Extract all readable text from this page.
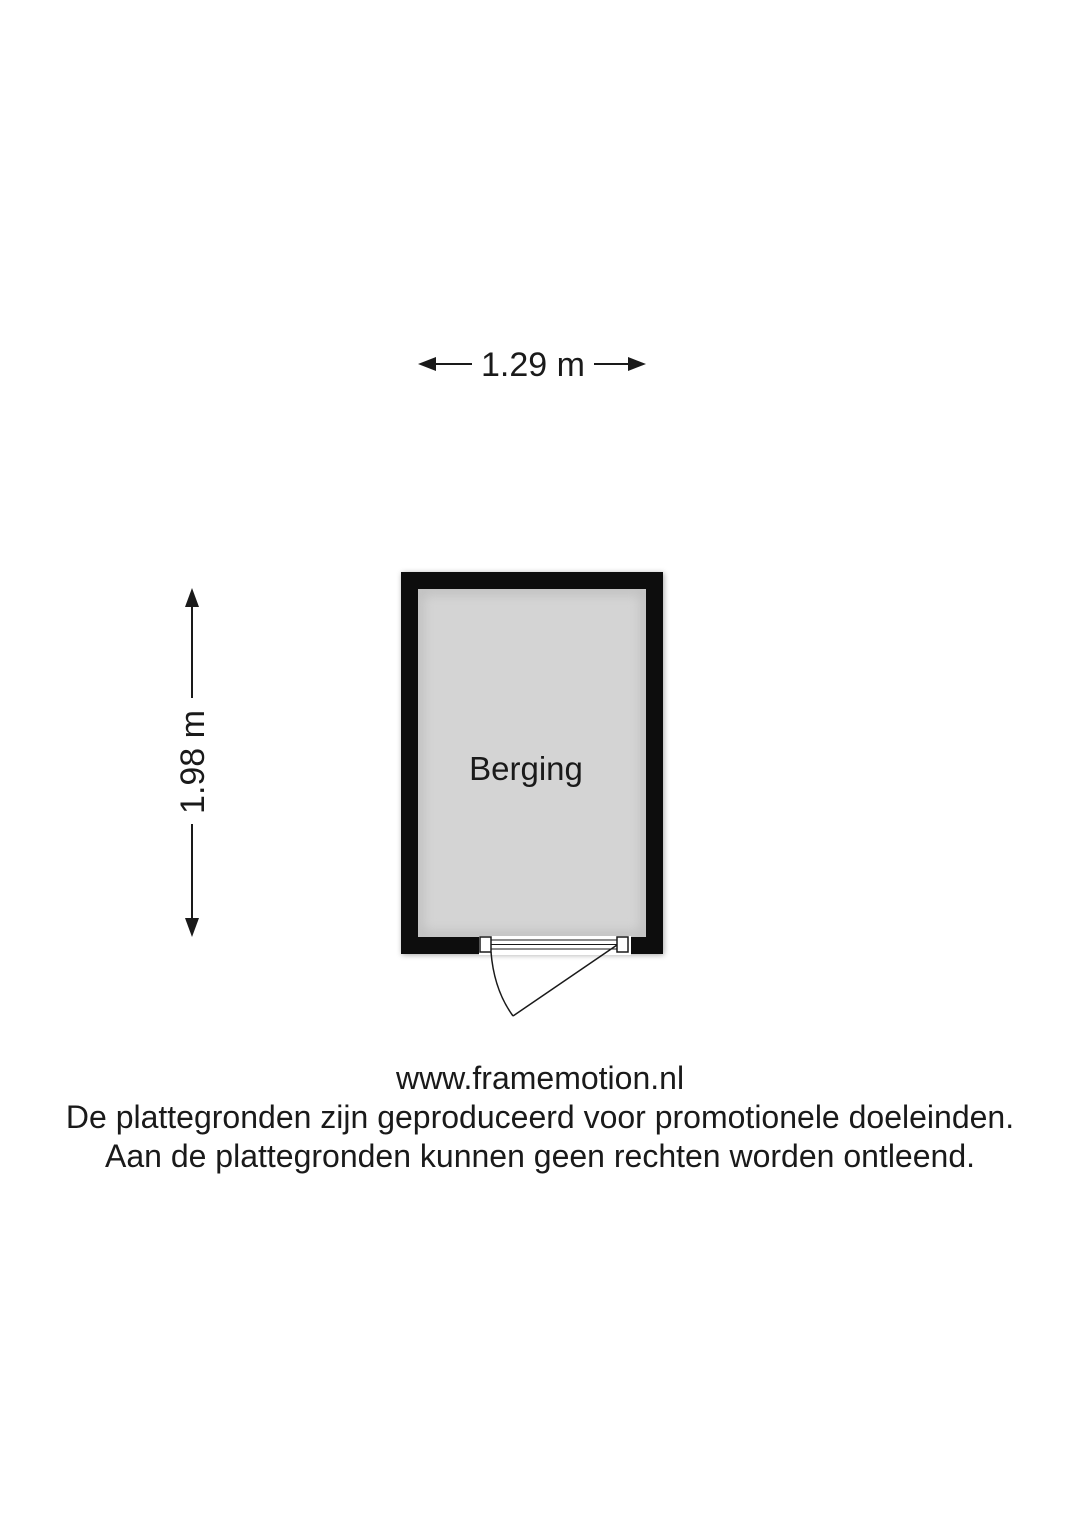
1.29 m
1.98 m	Berging
www.framemotion.nl
De plattegronden zijn geproduceerd voor promotionele doeleinden.
Aan de plattegronden kunnen geen rechten worden ontleend.
